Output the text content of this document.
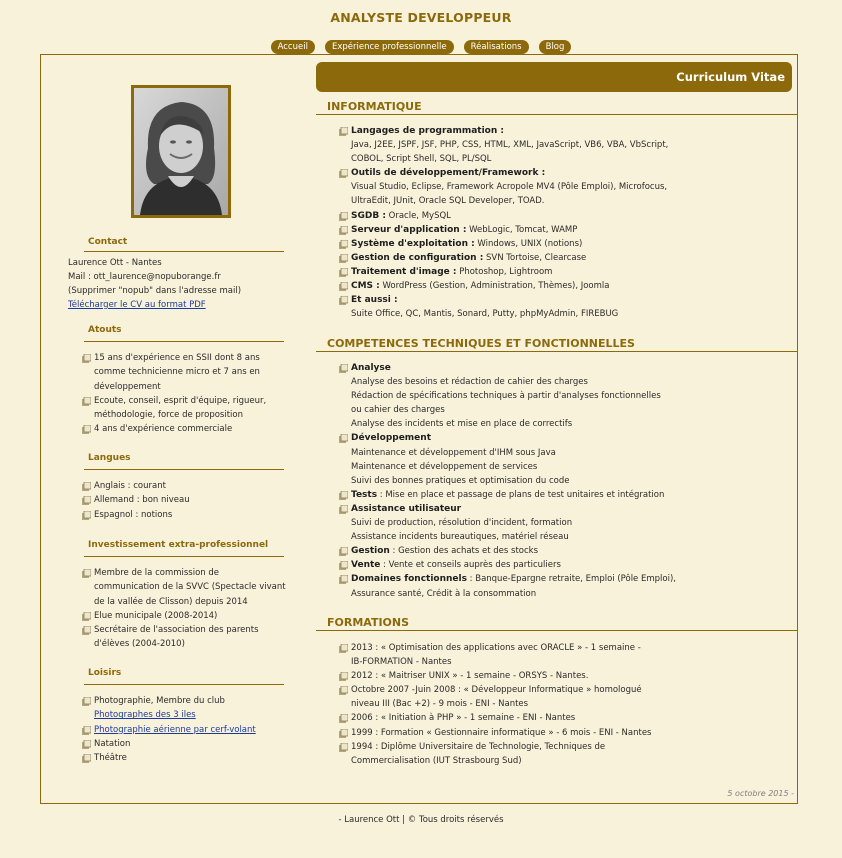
ANALYSTE DEVELOPPEUR
Accueil	Expérience professionnelle	Réalisations	Blog
Contact
Laurence Ott - Nantes
Mail : ott_laurence@nopuborange.fr
(Supprimer "nopub" dans l'adresse mail)
Télécharger le CV au format PDF
Atouts
15 ans d'expérience en SSII dont 8 ans comme technicienne micro et 7 ans en développement
Ecoute, conseil, esprit d'équipe, rigueur, méthodologie, force de proposition
4 ans d'expérience commerciale
Langues
Anglais : courant
Allemand : bon niveau
Espagnol : notions
Investissement extra-professionnel
Membre de la commission de communication de la SVVC (Spectacle vivant de la vallée de Clisson) depuis 2014
Elue municipale (2008-2014)
Secrétaire de l'association des parents d'élèves (2004-2010)
Loisirs
Photographie, Membre du club Photographes des 3 iles
Photographie aérienne par cerf-volant
Natation
Théâtre
Curriculum Vitae
INFORMATIQUE
Langages de programmation :
Java, J2EE, JSPF, JSF, PHP, CSS, HTML, XML, JavaScript, VB6, VBA, VbScript,
COBOL, Script Shell, SQL, PL/SQL
Outils de développement/Framework :
Visual Studio, Eclipse, Framework Acropole MV4 (Pôle Emploi), Microfocus,
UltraEdit, JUnit, Oracle SQL Developer, TOAD.
SGDB : Oracle, MySQL
Serveur d'application : WebLogic, Tomcat, WAMP
Système d'exploitation : Windows, UNIX (notions)
Gestion de configuration : SVN Tortoise, Clearcase
Traitement d'image : Photoshop, Lightroom
CMS : WordPress (Gestion, Administration, Thèmes), Joomla
Et aussi :
Suite Office, QC, Mantis, Sonard, Putty, phpMyAdmin, FIREBUG
COMPETENCES TECHNIQUES ET FONCTIONNELLES
Analyse
Analyse des besoins et rédaction de cahier des charges
Rédaction de spécifications techniques à partir d'analyses fonctionnelles
ou cahier des charges
Analyse des incidents et mise en place de correctifs
Développement
Maintenance et développement d'IHM sous Java
Maintenance et développement de services
Suivi des bonnes pratiques et optimisation du code
Tests : Mise en place et passage de plans de test unitaires et intégration
Assistance utilisateur
Suivi de production, résolution d'incident, formation
Assistance incidents bureautiques, matériel réseau
Gestion : Gestion des achats et des stocks
Vente : Vente et conseils auprès des particuliers
Domaines fonctionnels : Banque-Epargne retraite, Emploi (Pôle Emploi),
Assurance santé, Crédit à la consommation
FORMATIONS
2013 : « Optimisation des applications avec ORACLE » - 1 semaine -
IB-FORMATION - Nantes
2012 : « Maitriser UNIX » - 1 semaine - ORSYS - Nantes.
Octobre 2007 -Juin 2008 : « Développeur Informatique » homologué
niveau III (Bac +2) - 9 mois - ENI - Nantes
2006 : « Initiation à PHP » - 1 semaine - ENI - Nantes
1999 : Formation « Gestionnaire informatique » - 6 mois - ENI - Nantes
1994 : Diplôme Universitaire de Technologie, Techniques de
Commercialisation (IUT Strasbourg Sud)
5 octobre 2015 -
- Laurence Ott | © Tous droits réservés
